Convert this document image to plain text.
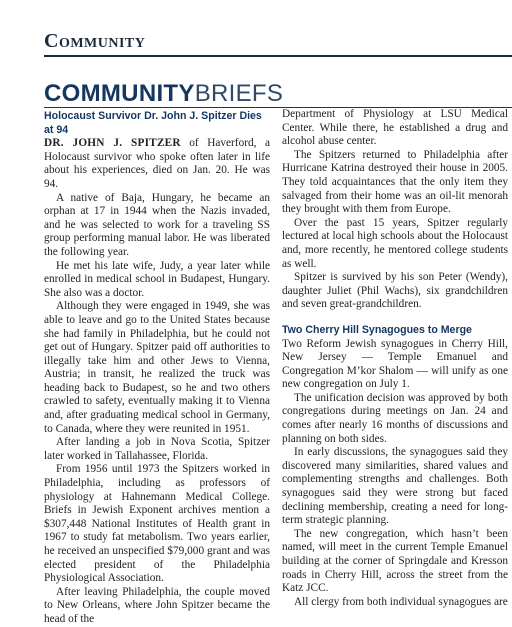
Community
COMMUNITYBRIEFS
Holocaust Survivor Dr. John J. Spitzer Dies at 94

DR. JOHN J. SPITZER of Haverford, a Holocaust survivor who spoke often later in life about his experiences, died on Jan. 20. He was 94.

A native of Baja, Hungary, he became an orphan at 17 in 1944 when the Nazis invaded, and he was selected to work for a traveling SS group performing manual labor. He was liberated the following year.

He met his late wife, Judy, a year later while enrolled in medical school in Budapest, Hungary. She also was a doctor.

Although they were engaged in 1949, she was able to leave and go to the United States because she had family in Philadelphia, but he could not get out of Hungary. Spitzer paid off authorities to illegally take him and other Jews to Vienna, Austria; in transit, he realized the truck was heading back to Budapest, so he and two others crawled to safety, eventually making it to Vienna and, after graduating medical school in Germany, to Canada, where they were reunited in 1951.

After landing a job in Nova Scotia, Spitzer later worked in Tallahassee, Florida.

From 1956 until 1973 the Spitzers worked in Philadelphia, including as professors of physiology at Hahnemann Medical College. Briefs in Jewish Exponent archives mention a $307,448 National Institutes of Health grant in 1967 to study fat metabolism. Two years earlier, he received an unspecified $79,000 grant and was elected president of the Philadelphia Physiological Association.

After leaving Philadelphia, the couple moved to New Orleans, where John Spitzer became the head of the

Department of Physiology at LSU Medical Center. While there, he established a drug and alcohol abuse center.

The Spitzers returned to Philadelphia after Hurricane Katrina destroyed their house in 2005. They told acquaintances that the only item they salvaged from their home was an oil-lit menorah they brought with them from Europe.

Over the past 15 years, Spitzer regularly lectured at local high schools about the Holocaust and, more recently, he mentored college students as well.

Spitzer is survived by his son Peter (Wendy), daughter Juliet (Phil Wachs), six grandchildren and seven great-grandchildren.

Two Cherry Hill Synagogues to Merge

Two Reform Jewish synagogues in Cherry Hill, New Jersey — Temple Emanuel and Congregation M’kor Shalom — will unify as one new congregation on July 1.

The unification decision was approved by both congregations during meetings on Jan. 24 and comes after nearly 16 months of discussions and planning on both sides.

In early discussions, the synagogues said they discovered many similarities, shared values and complementing strengths and challenges. Both synagogues said they were strong but faced declining membership, creating a need for long-term strategic planning.

The new congregation, which hasn’t been named, will meet in the current Temple Emanuel building at the corner of Springdale and Kresson roads in Cherry Hill, across the street from the Katz JCC.

All clergy from both individual synagogues are
